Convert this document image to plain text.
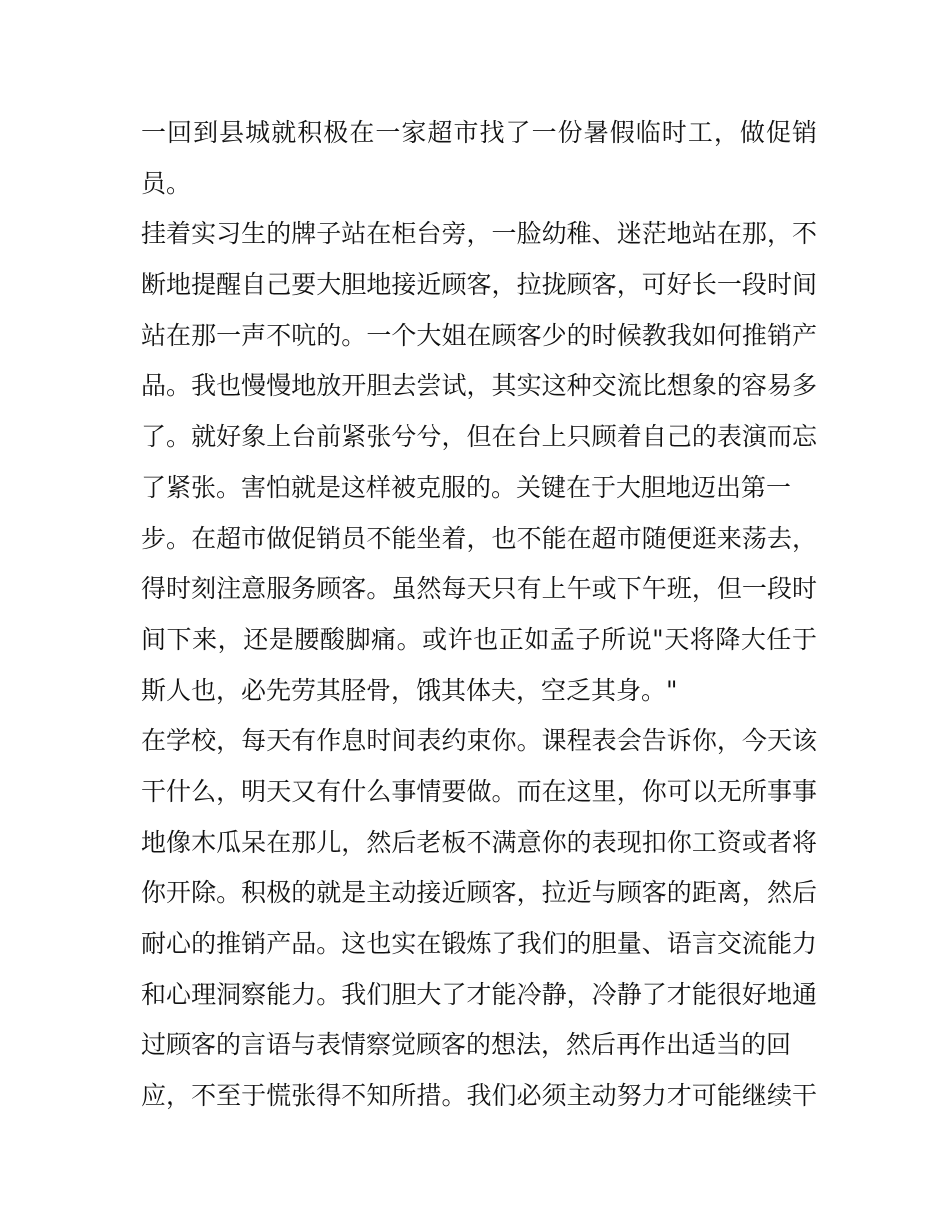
一回到县城就积极在一家超市找了一份暑假临时工，做促销
员。
挂着实习生的牌子站在柜台旁，一脸幼稚、迷茫地站在那，不
断地提醒自己要大胆地接近顾客，拉拢顾客，可好长一段时间
站在那一声不吭的。一个大姐在顾客少的时候教我如何推销产
品。我也慢慢地放开胆去尝试，其实这种交流比想象的容易多
了。就好象上台前紧张兮兮，但在台上只顾着自己的表演而忘
了紧张。害怕就是这样被克服的。关键在于大胆地迈出第一
步。在超市做促销员不能坐着，也不能在超市随便逛来荡去，
得时刻注意服务顾客。虽然每天只有上午或下午班，但一段时
间下来，还是腰酸脚痛。或许也正如孟子所说"天将降大任于
斯人也，必先劳其胫骨，饿其体夫，空乏其身。"
在学校，每天有作息时间表约束你。课程表会告诉你，今天该
干什么，明天又有什么事情要做。而在这里，你可以无所事事
地像木瓜呆在那儿，然后老板不满意你的表现扣你工资或者将
你开除。积极的就是主动接近顾客，拉近与顾客的距离，然后
耐心的推销产品。这也实在锻炼了我们的胆量、语言交流能力
和心理洞察能力。我们胆大了才能冷静，冷静了才能很好地通
过顾客的言语与表情察觉顾客的想法，然后再作出适当的回
应，不至于慌张得不知所措。我们必须主动努力才可能继续干
